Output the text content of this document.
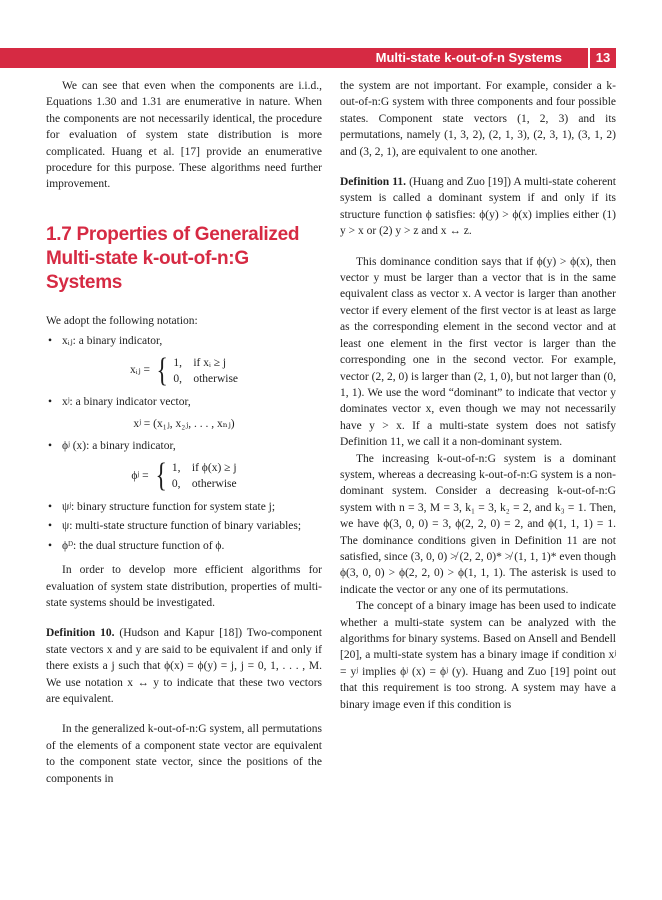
Multi-state k-out-of-n Systems	13

We can see that even when the components are i.i.d., Equations 1.30 and 1.31 are enumerative in nature. When the components are not necessarily identical, the procedure for evaluation of system state distribution is more complicated. Huang et al. [17] provide an enumerative procedure for this purpose. These algorithms need further improvement.

1.7 Properties of Generalized
Multi-state k-out-of-n:G Systems

We adopt the following notation:

• xᵢⱼ: a binary indicator,
xᵢⱼ = { 1, if xᵢ ≥ j
0, otherwise
• xʲ: a binary indicator vector,
xʲ = (x₁ⱼ, x₂ⱼ, . . . , xₙⱼ)
• ϕʲ (x): a binary indicator,
ϕʲ = { 1, if ϕ(x) ≥ j
0, otherwise
• ψʲ: binary structure function for system state j;
• ψ: multi-state structure function of binary variables;
• ϕᴰ: the dual structure function of ϕ.

In order to develop more efficient algorithms for evaluation of system state distribution, properties of multi-state systems should be investigated.

Definition 10. (Hudson and Kapur [18]) Two-component state vectors x and y are said to be equivalent if and only if there exists a j such that ϕ(x) = ϕ(y) = j, j = 0, 1, . . . , M. We use notation x ↔ y to indicate that these two vectors are equivalent.

In the generalized k-out-of-n:G system, all permutations of the elements of a component state vector are equivalent to the component state vector, since the positions of the components in

the system are not important. For example, consider a k-out-of-n:G system with three components and four possible states. Component state vectors (1, 2, 3) and its permutations, namely (1, 3, 2), (2, 1, 3), (2, 3, 1), (3, 1, 2) and (3, 2, 1), are equivalent to one another.

Definition 11. (Huang and Zuo [19]) A multi-state coherent system is called a dominant system if and only if its structure function ϕ satisfies: ϕ(y) > ϕ(x) implies either (1) y > x or (2) y > z and x ↔ z.

This dominance condition says that if ϕ(y) > ϕ(x), then vector y must be larger than a vector that is in the same equivalent class as vector x. A vector is larger than another vector if every element of the first vector is at least as large as the corresponding element in the second vector and at least one element in the first vector is larger than the corresponding one in the second vector. For example, vector (2, 2, 0) is larger than (2, 1, 0), but not larger than (0, 1, 1). We use the word “dominant” to indicate that vector y dominates vector x, even though we may not necessarily have y > x. If a multi-state system does not satisfy Definition 11, we call it a non-dominant system.

The increasing k-out-of-n:G system is a dominant system, whereas a decreasing k-out-of-n:G system is a non-dominant system. Consider a decreasing k-out-of-n:G system with n = 3, M = 3, k₁ = 3, k₂ = 2, and k₃ = 1. Then, we have ϕ(3, 0, 0) = 3, ϕ(2, 2, 0) = 2, and ϕ(1, 1, 1) = 1. The dominance conditions given in Definition 11 are not satisfied, since (3, 0, 0) ≯ (2, 2, 0)* ≯ (1, 1, 1)* even though ϕ(3, 0, 0) > ϕ(2, 2, 0) > ϕ(1, 1, 1). The asterisk is used to indicate the vector or any one of its permutations.

The concept of a binary image has been used to indicate whether a multi-state system can be analyzed with the algorithms for binary systems. Based on Ansell and Bendell [20], a multi-state system has a binary image if condition xʲ = yʲ implies ϕʲ (x) = ϕʲ (y). Huang and Zuo [19] point out that this requirement is too strong. A system may have a binary image even if this condition is
